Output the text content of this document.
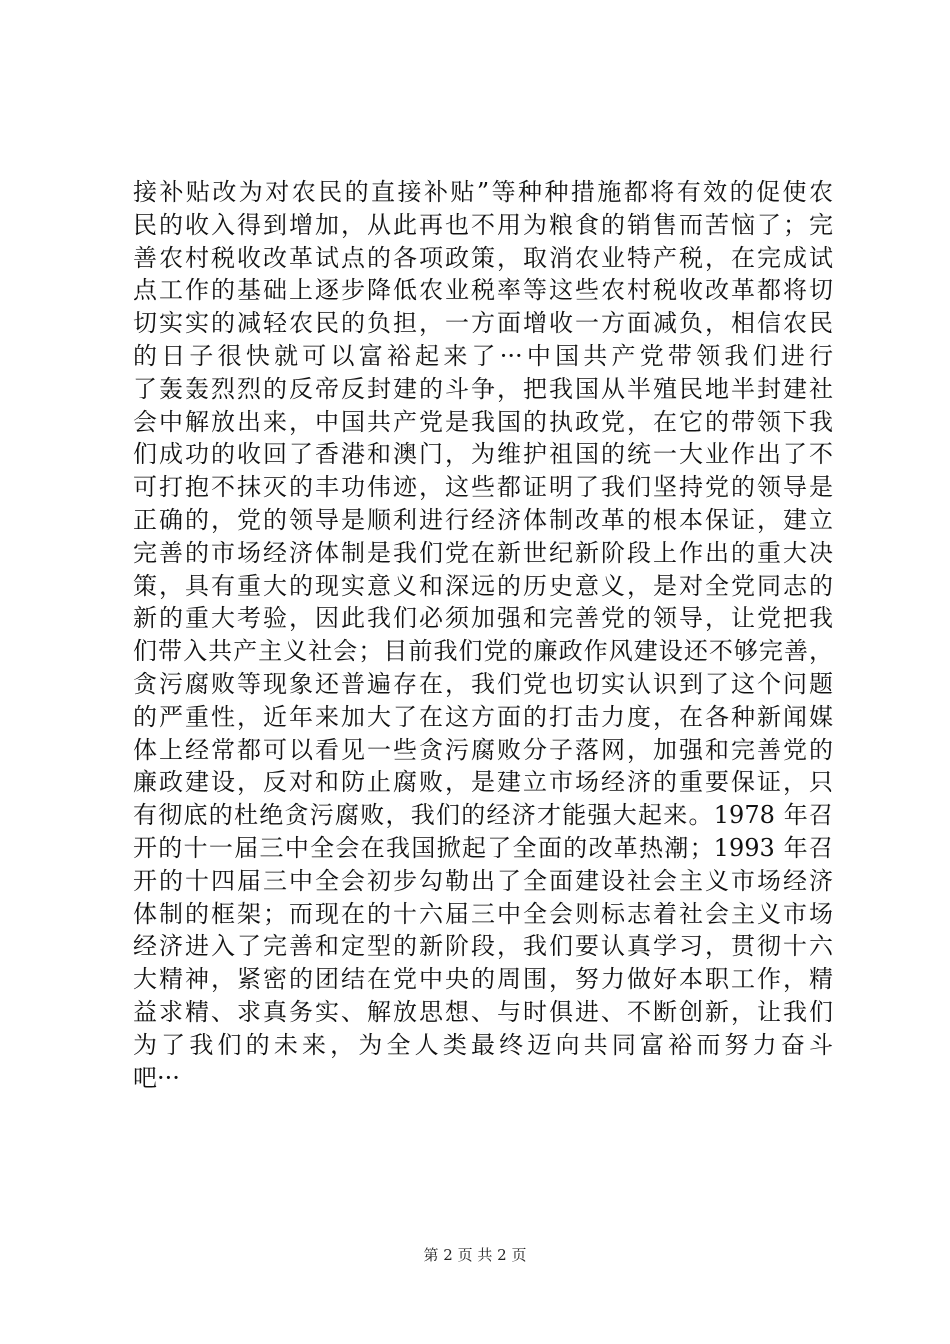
接补贴改为对农民的直接补贴”等种种措施都将有效的促使农
民的收入得到增加，从此再也不用为粮食的销售而苦恼了；完
善农村税收改革试点的各项政策，取消农业特产税，在完成试
点工作的基础上逐步降低农业税率等这些农村税收改革都将切
切实实的减轻农民的负担，一方面增收一方面减负，相信农民
的日子很快就可以富裕起来了···中国共产党带领我们进行
了轰轰烈烈的反帝反封建的斗争，把我国从半殖民地半封建社
会中解放出来，中国共产党是我国的执政党，在它的带领下我
们成功的收回了香港和澳门，为维护祖国的统一大业作出了不
可打抱不抹灭的丰功伟迹，这些都证明了我们坚持党的领导是
正确的，党的领导是顺利进行经济体制改革的根本保证，建立
完善的市场经济体制是我们党在新世纪新阶段上作出的重大决
策，具有重大的现实意义和深远的历史意义，是对全党同志的
新的重大考验，因此我们必须加强和完善党的领导，让党把我
们带入共产主义社会；目前我们党的廉政作风建设还不够完善，
贪污腐败等现象还普遍存在，我们党也切实认识到了这个问题
的严重性，近年来加大了在这方面的打击力度，在各种新闻媒
体上经常都可以看见一些贪污腐败分子落网，加强和完善党的
廉政建设，反对和防止腐败，是建立市场经济的重要保证，只
有彻底的杜绝贪污腐败，我们的经济才能强大起来。1978 年召
开的十一届三中全会在我国掀起了全面的改革热潮；1993 年召
开的十四届三中全会初步勾勒出了全面建设社会主义市场经济
体制的框架；而现在的十六届三中全会则标志着社会主义市场
经济进入了完善和定型的新阶段，我们要认真学习，贯彻十六
大精神，紧密的团结在党中央的周围，努力做好本职工作，精
益求精、求真务实、解放思想、与时俱进、不断创新，让我们
为了我们的未来，为全人类最终迈向共同富裕而努力奋斗
吧···
第 2 页 共 2 页
